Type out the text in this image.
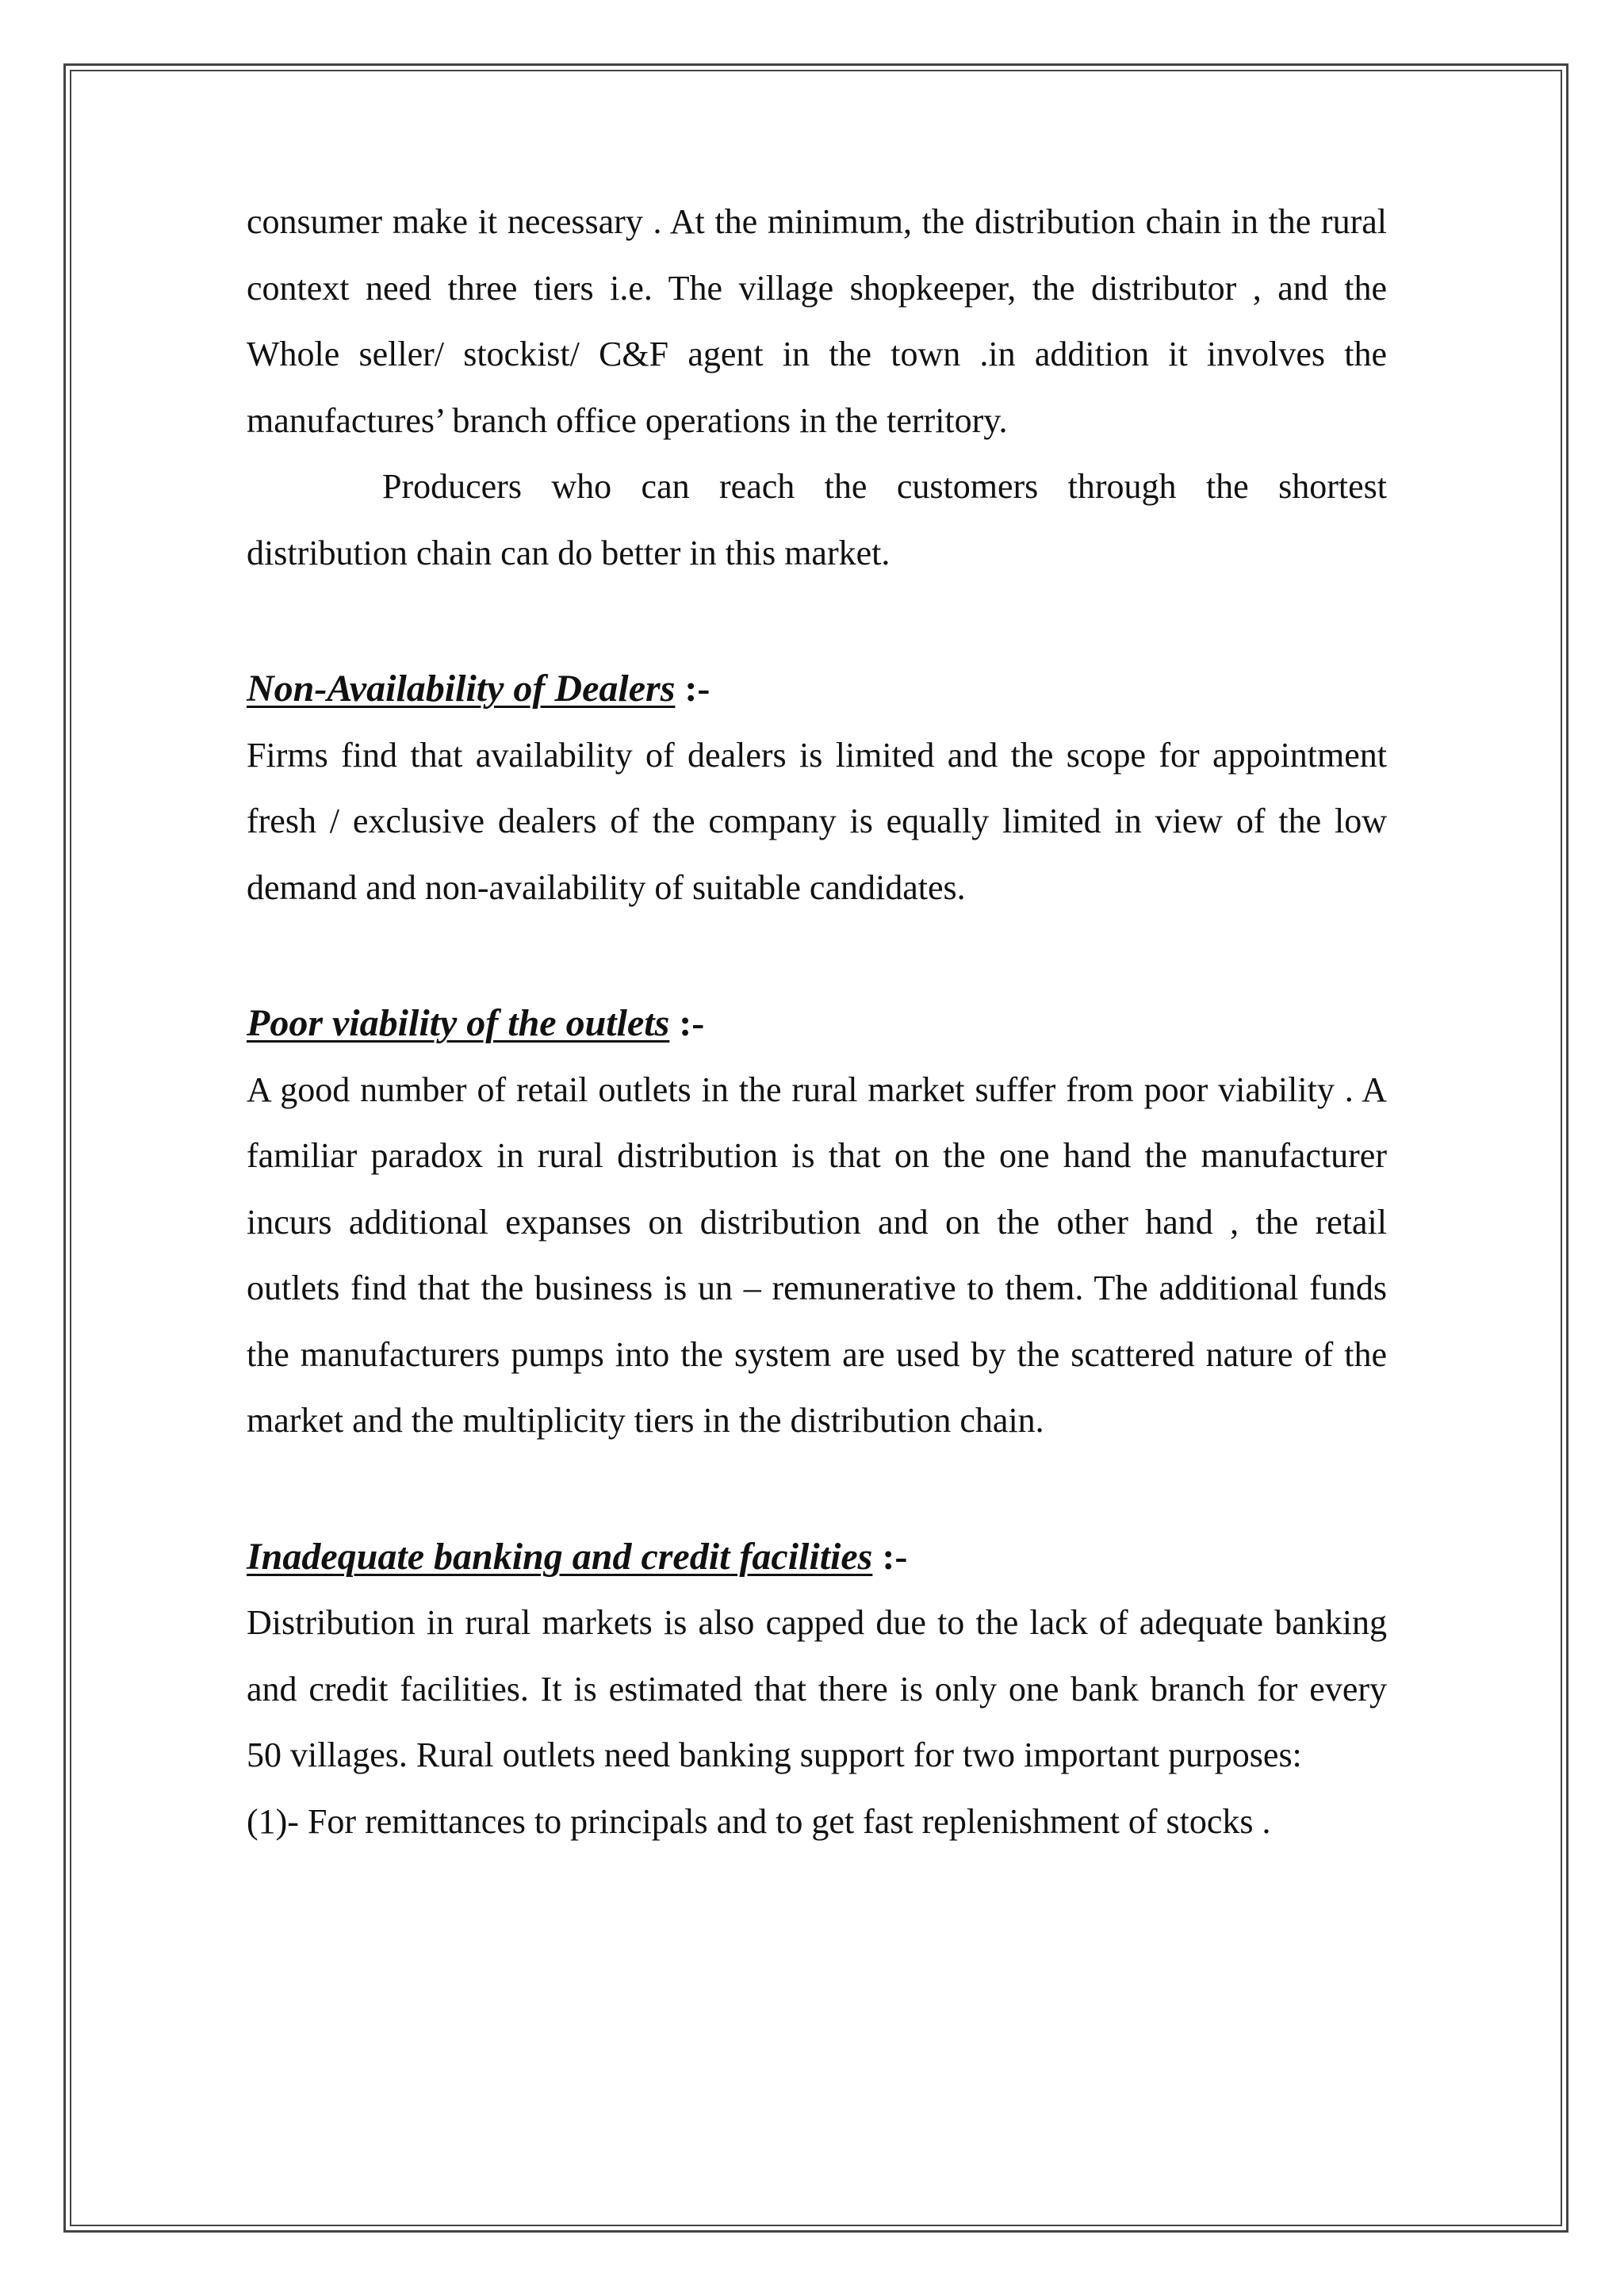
consumer make it necessary . At the minimum, the distribution chain in the rural context need three tiers i.e. The village shopkeeper, the distributor , and the Whole seller/ stockist/ C&F agent in the town .in addition it involves the manufactures’ branch office operations in the territory.

Producers who can reach the customers through the shortest distribution chain can do better in this market.

Non-Availability of Dealers :-

Firms find that availability of dealers is limited and the scope for appointment fresh / exclusive dealers of the company is equally limited in view of the low demand and non-availability of suitable candidates.

Poor viability of the outlets :-

A good number of retail outlets in the rural market suffer from poor viability . A familiar paradox in rural distribution is that on the one hand the manufacturer incurs additional expanses on distribution and on the other hand , the retail outlets find that the business is un – remunerative to them. The additional funds the manufacturers pumps into the system are used by the scattered nature of the market and the multiplicity tiers in the distribution chain.

Inadequate banking and credit facilities :-

Distribution in rural markets is also capped due to the lack of adequate banking and credit facilities. It is estimated that there is only one bank branch for every 50 villages. Rural outlets need banking support for two important purposes:

(1)- For remittances to principals and to get fast replenishment of stocks .
